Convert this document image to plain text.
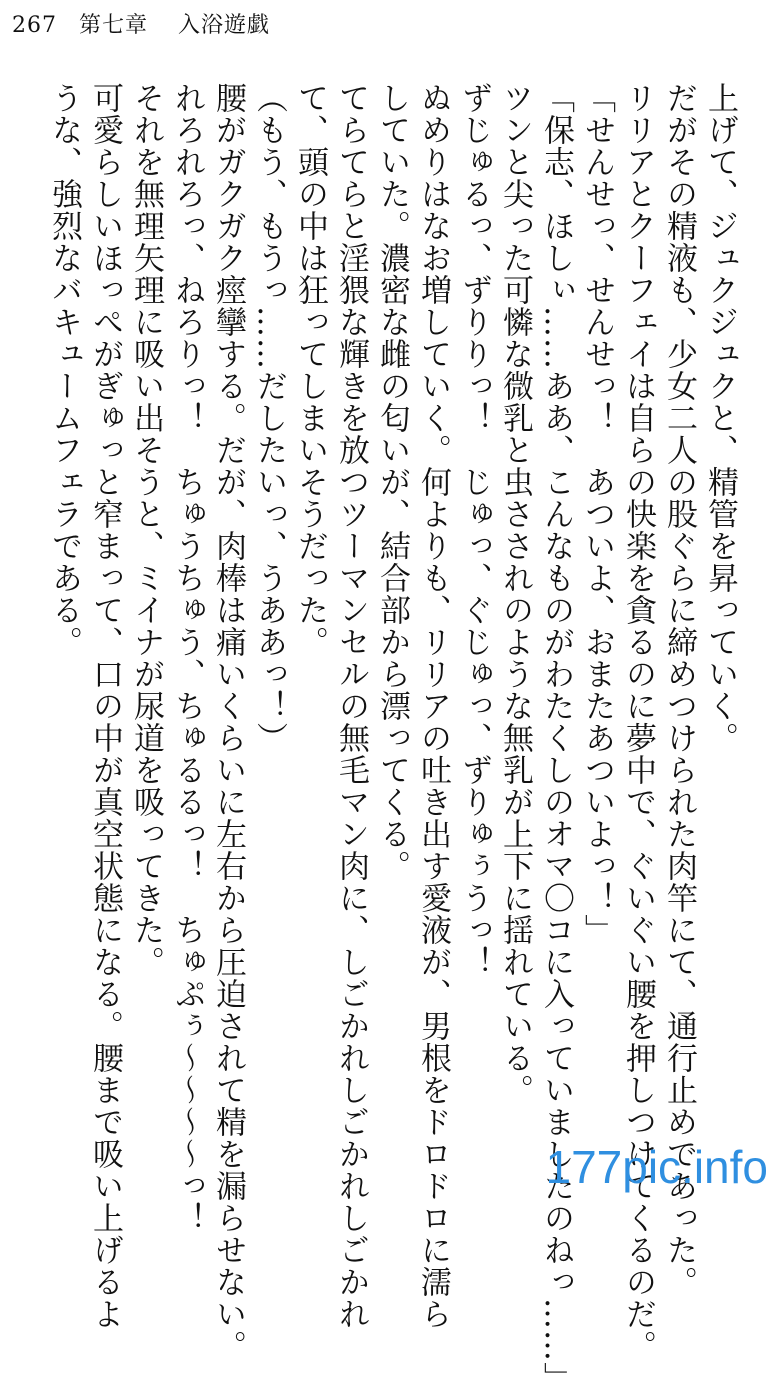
267 第七章 入浴遊戯
上げて、ジュクジュクと、精管を昇っていく。
だがその精液も、少女二人の股ぐらに締めつけられた肉竿にて、通行止めであった。
リリアとクーフェイは自らの快楽を貪るのに夢中で、ぐいぐい腰を押しつけてくるのだ。
「せんせっ、せんせっ！　あついよ、おまたあついよっ！」
「保志、ほしぃ……ああ、こんなものがわたくしのオマ〇コに入っていましたのねっ……」
ツンと尖った可憐な微乳と虫さされのような無乳が上下に揺れている。
ずじゅるっ、ずりりっ！　じゅっ、ぐじゅっ、ずりゅぅうっ！
ぬめりはなお増していく。何よりも、リリアの吐き出す愛液が、男根をドロドロに濡ら
していた。濃密な雌の匂いが、結合部から漂ってくる。
てらてらと淫猥な輝きを放つツーマンセルの無毛マン肉に、しごかれしごかれしごかれ
て、頭の中は狂ってしまいそうだった。
（もう、もうっ……だしたいっ、うああっ！）
腰がガクガク痙攣する。だが、肉棒は痛いくらいに左右から圧迫されて精を漏らせない。
れろれろっ、ねろりっ！　ちゅうちゅう、ちゅるるっ！　ちゅぷぅ〜〜〜〜っ！
それを無理矢理に吸い出そうと、ミイナが尿道を吸ってきた。
可愛らしいほっぺがぎゅっと窄まって、口の中が真空状態になる。腰まで吸い上げるよ
うな、強烈なバキュームフェラである。
177pic.info
